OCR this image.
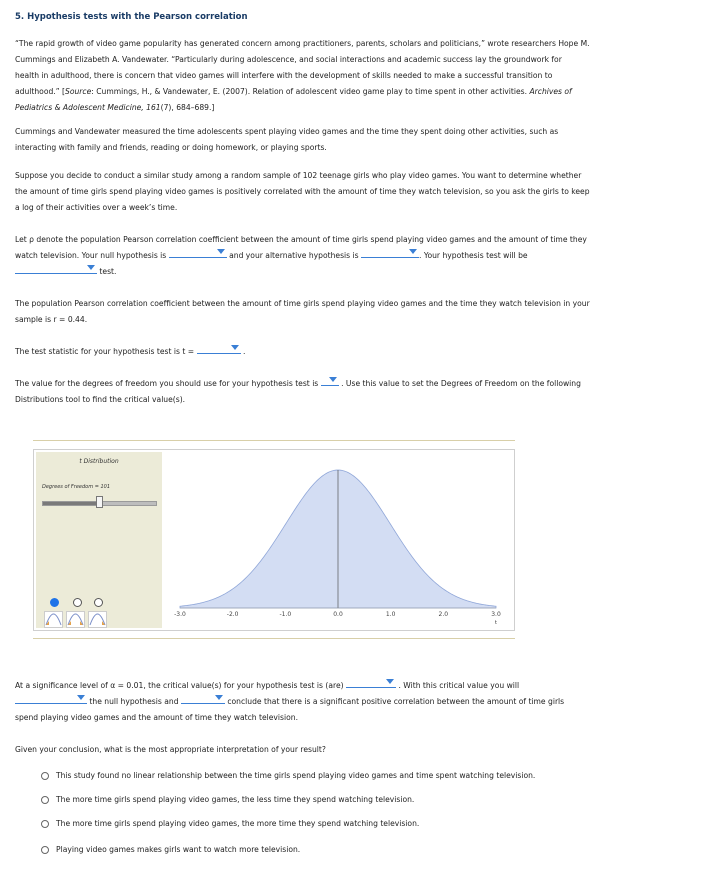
5. Hypothesis tests with the Pearson correlation
“The rapid growth of video game popularity has generated concern among practitioners, parents, scholars and politicians,” wrote researchers Hope M.
Cummings and Elizabeth A. Vandewater. “Particularly during adolescence, and social interactions and academic success lay the groundwork for
health in adulthood, there is concern that video games will interfere with the development of skills needed to make a successful transition to
adulthood.” [Source: Cummings, H., & Vandewater, E. (2007). Relation of adolescent video game play to time spent in other activities. Archives of
Pediatrics & Adolescent Medicine, 161(7), 684–689.]
Cummings and Vandewater measured the time adolescents spent playing video games and the time they spent doing other activities, such as
interacting with family and friends, reading or doing homework, or playing sports.
Suppose you decide to conduct a similar study among a random sample of 102 teenage girls who play video games. You want to determine whether
the amount of time girls spend playing video games is positively correlated with the amount of time they watch television, so you ask the girls to keep
a log of their activities over a week’s time.
Let ρ denote the population Pearson correlation coefficient between the amount of time girls spend playing video games and the amount of time they
watch television. Your null hypothesis is	and your alternative hypothesis is	. Your hypothesis test will be
test.
The population Pearson correlation coefficient between the amount of time girls spend playing video games and the time they watch television in your
sample is r = 0.44.
The test statistic for your hypothesis test is t =	.
The value for the degrees of freedom you should use for your hypothesis test is	. Use this value to set the Degrees of Freedom on the following
Distributions tool to find the critical value(s).
t Distribution
Degrees of Freedom = 101
-3.0	-2.0	-1.0	0.0	1.0	2.0	3.0
t
At a significance level of α = 0.01, the critical value(s) for your hypothesis test is (are)	. With this critical value you will
the null hypothesis and	conclude that there is a significant positive correlation between the amount of time girls
spend playing video games and the amount of time they watch television.
Given your conclusion, what is the most appropriate interpretation of your result?
This study found no linear relationship between the time girls spend playing video games and time spent watching television.
The more time girls spend playing video games, the less time they spend watching television.
The more time girls spend playing video games, the more time they spend watching television.
Playing video games makes girls want to watch more television.
